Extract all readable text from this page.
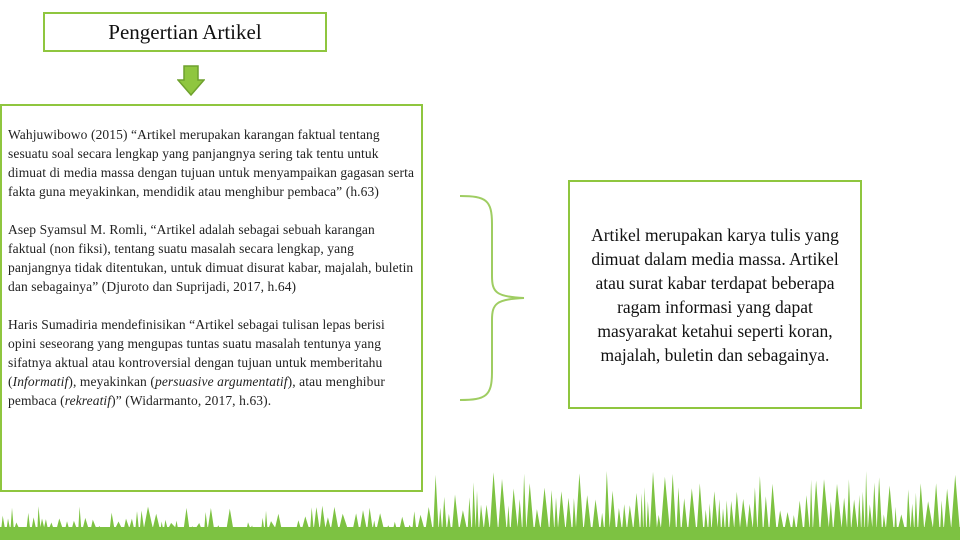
Pengertian Artikel

Wahjuwibowo (2015) “Artikel merupakan karangan faktual tentang sesuatu soal secara lengkap yang panjangnya sering tak tentu untuk dimuat di media massa dengan tujuan untuk menyampaikan gagasan serta fakta guna meyakinkan, mendidik atau menghibur pembaca” (h.63)

Asep Syamsul M. Romli, “Artikel adalah sebagai sebuah karangan faktual (non fiksi), tentang suatu masalah secara lengkap, yang panjangnya tidak ditentukan, untuk dimuat disurat kabar, majalah, buletin dan sebagainya” (Djuroto dan Suprijadi, 2017, h.64)

Haris Sumadiria mendefinisikan “Artikel sebagai tulisan lepas berisi opini seseorang yang mengupas tuntas suatu masalah tentunya yang sifatnya aktual atau kontroversial dengan tujuan untuk memberitahu (Informatif), meyakinkan (persuasive argumentatif), atau menghibur pembaca (rekreatif)” (Widarmanto, 2017, h.63).

Artikel merupakan karya tulis yang dimuat dalam media massa. Artikel atau surat kabar terdapat beberapa ragam informasi yang dapat masyarakat ketahui seperti koran, majalah, buletin dan sebagainya.
